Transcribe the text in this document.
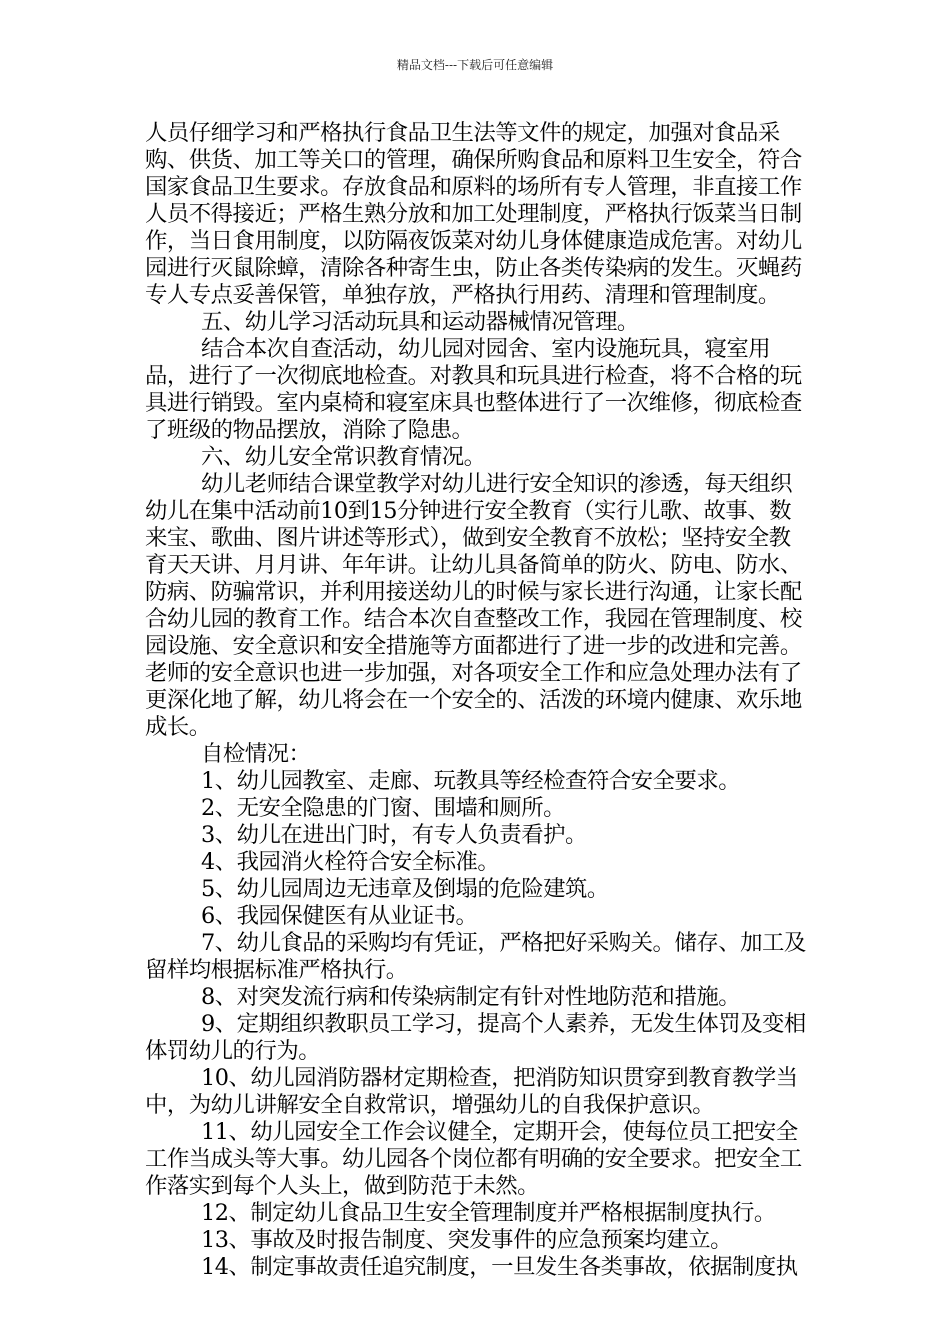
精品文档---下载后可任意编辑

人员仔细学习和严格执行食品卫生法等文件的规定，加强对食品采购、供货、加工等关口的管理，确保所购食品和原料卫生安全，符合国家食品卫生要求。存放食品和原料的场所有专人管理，非直接工作人员不得接近；严格生熟分放和加工处理制度，严格执行饭菜当日制作，当日食用制度，以防隔夜饭菜对幼儿身体健康造成危害。对幼儿园进行灭鼠除蟑，清除各种寄生虫，防止各类传染病的发生。灭蝇药专人专点妥善保管，单独存放，严格执行用药、清理和管理制度。

五、幼儿学习活动玩具和运动器械情况管理。

结合本次自查活动，幼儿园对园舍、室内设施玩具，寝室用品，进行了一次彻底地检查。对教具和玩具进行检查，将不合格的玩具进行销毁。室内桌椅和寝室床具也整体进行了一次维修，彻底检查了班级的物品摆放，消除了隐患。

六、幼儿安全常识教育情况。

幼儿老师结合课堂教学对幼儿进行安全知识的渗透，每天组织幼儿在集中活动前10到15分钟进行安全教育（实行儿歌、故事、数来宝、歌曲、图片讲述等形式），做到安全教育不放松；坚持安全教育天天讲、月月讲、年年讲。让幼儿具备简单的防火、防电、防水、防病、防骗常识，并利用接送幼儿的时候与家长进行沟通，让家长配合幼儿园的教育工作。结合本次自查整改工作，我园在管理制度、校园设施、安全意识和安全措施等方面都进行了进一步的改进和完善。老师的安全意识也进一步加强，对各项安全工作和应急处理办法有了更深化地了解，幼儿将会在一个安全的、活泼的环境内健康、欢乐地成长。

自检情况：

1、幼儿园教室、走廊、玩教具等经检查符合安全要求。

2、无安全隐患的门窗、围墙和厕所。

3、幼儿在进出门时，有专人负责看护。

4、我园消火栓符合安全标准。

5、幼儿园周边无违章及倒塌的危险建筑。

6、我园保健医有从业证书。

7、幼儿食品的采购均有凭证，严格把好采购关。储存、加工及留样均根据标准严格执行。

8、对突发流行病和传染病制定有针对性地防范和措施。

9、定期组织教职员工学习，提高个人素养，无发生体罚及变相体罚幼儿的行为。

10、幼儿园消防器材定期检查，把消防知识贯穿到教育教学当中，为幼儿讲解安全自救常识，增强幼儿的自我保护意识。

11、幼儿园安全工作会议健全，定期开会，使每位员工把安全工作当成头等大事。幼儿园各个岗位都有明确的安全要求。把安全工作落实到每个人头上，做到防范于未然。

12、制定幼儿食品卫生安全管理制度并严格根据制度执行。

13、事故及时报告制度、突发事件的应急预案均建立。

14、制定事故责任追究制度，一旦发生各类事故，依据制度执
